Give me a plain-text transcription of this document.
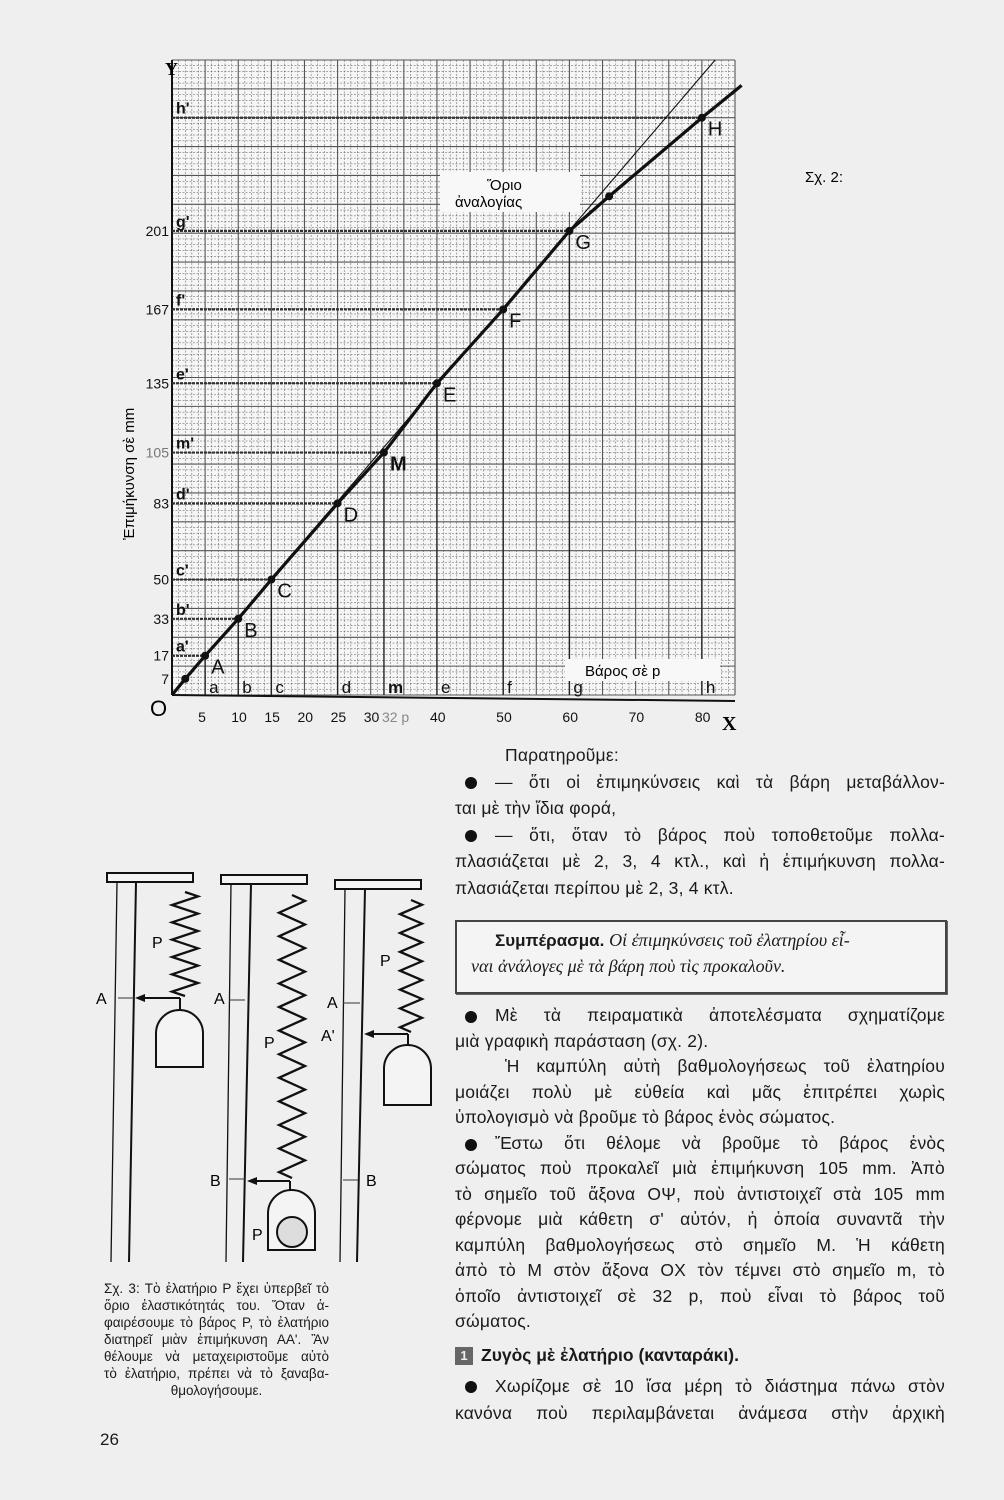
A
a
a'
B
b
b'
C
c
c'
D
d
d'
M
m
m'
E
e
e'
F
f
f'
G
g
g'
H
h
h'
7
17
33
50
83
105
135
167
201
5 10 15 20 25 30 32 p 40	50	60	70	80
Y
X
O
Ἐπιμήκυνση σὲ mm
Βάρος σὲ p
Ὅριο
ἀναλογίας
Σχ. 2:
A
P
A
B
P
P
A
A'
B
P
Παρατηροῦμε:
— ὅτι οἱ ἐπιμηκύνσεις καὶ τὰ βάρη μεταβάλλον-
ται μὲ τὴν ἴδια φορά,
— ὅτι, ὅταν τὸ βάρος ποὺ τοποθετοῦμε πολλα-
πλασιάζεται μὲ 2, 3, 4 κτλ., καὶ ἡ ἐπιμήκυνση πολλα-
πλασιάζεται περίπου μὲ 2, 3, 4 κτλ.
Συμπέρασμα. Οἱ ἐπιμηκύνσεις τοῦ ἐλατηρίου εἶ-
ναι ἀνάλογες μὲ τὰ βάρη ποὺ τὶς προκαλοῦν.
Μὲ τὰ πειραματικὰ ἀποτελέσματα σχηματίζομε
μιὰ γραφικὴ παράσταση (σχ. 2).
Ἡ καμπύλη αὐτὴ βαθμολογήσεως τοῦ ἐλατηρίου
μοιάζει πολὺ μὲ εὐθεία καὶ μᾶς ἐπιτρέπει χωρὶς
ὑπολογισμὸ νὰ βροῦμε τὸ βάρος ἑνὸς σώματος.
Ἔστω ὅτι θέλομε νὰ βροῦμε τὸ βάρος ἑνὸς
σώματος ποὺ προκαλεῖ μιὰ ἐπιμήκυνση 105 mm. Ἀπὸ
τὸ σημεῖο τοῦ ἄξονα ΟΨ, ποὺ ἀντιστοιχεῖ στὰ 105 mm
φέρνομε μιὰ κάθετη σ' αὐτόν, ἡ ὁποία συναντᾶ τὴν
καμπύλη βαθμολογήσεως στὸ σημεῖο Μ. Ἡ κάθετη
ἀπὸ τὸ Μ στὸν ἄξονα ΟΧ τὸν τέμνει στὸ σημεῖο m, τὸ
ὁποῖο ἀντιστοιχεῖ σὲ 32 p, ποὺ εἶναι τὸ βάρος τοῦ
σώματος.
1 Ζυγὸς μὲ ἐλατήριο (κανταράκι).
Χωρίζομε σὲ 10 ἴσα μέρη τὸ διάστημα πάνω στὸν
κανόνα ποὺ περιλαμβάνεται ἀνάμεσα στὴν ἀρχικὴ
Σχ. 3: Τὸ ἐλατήριο P ἔχει ὑπερβεῖ τὸ
ὅριο ἐλαστικότητάς του. Ὅταν ἀ-
φαιρέσουμε τὸ βάρος P, τὸ ἐλατήριο
διατηρεῖ μιὰν ἐπιμήκυνση ΑΑ'. Ἂν
θέλουμε νὰ μεταχειριστοῦμε αὐτὸ
τὸ ἐλατήριο, πρέπει νὰ τὸ ξαναβα-
θμολογήσουμε.
26
